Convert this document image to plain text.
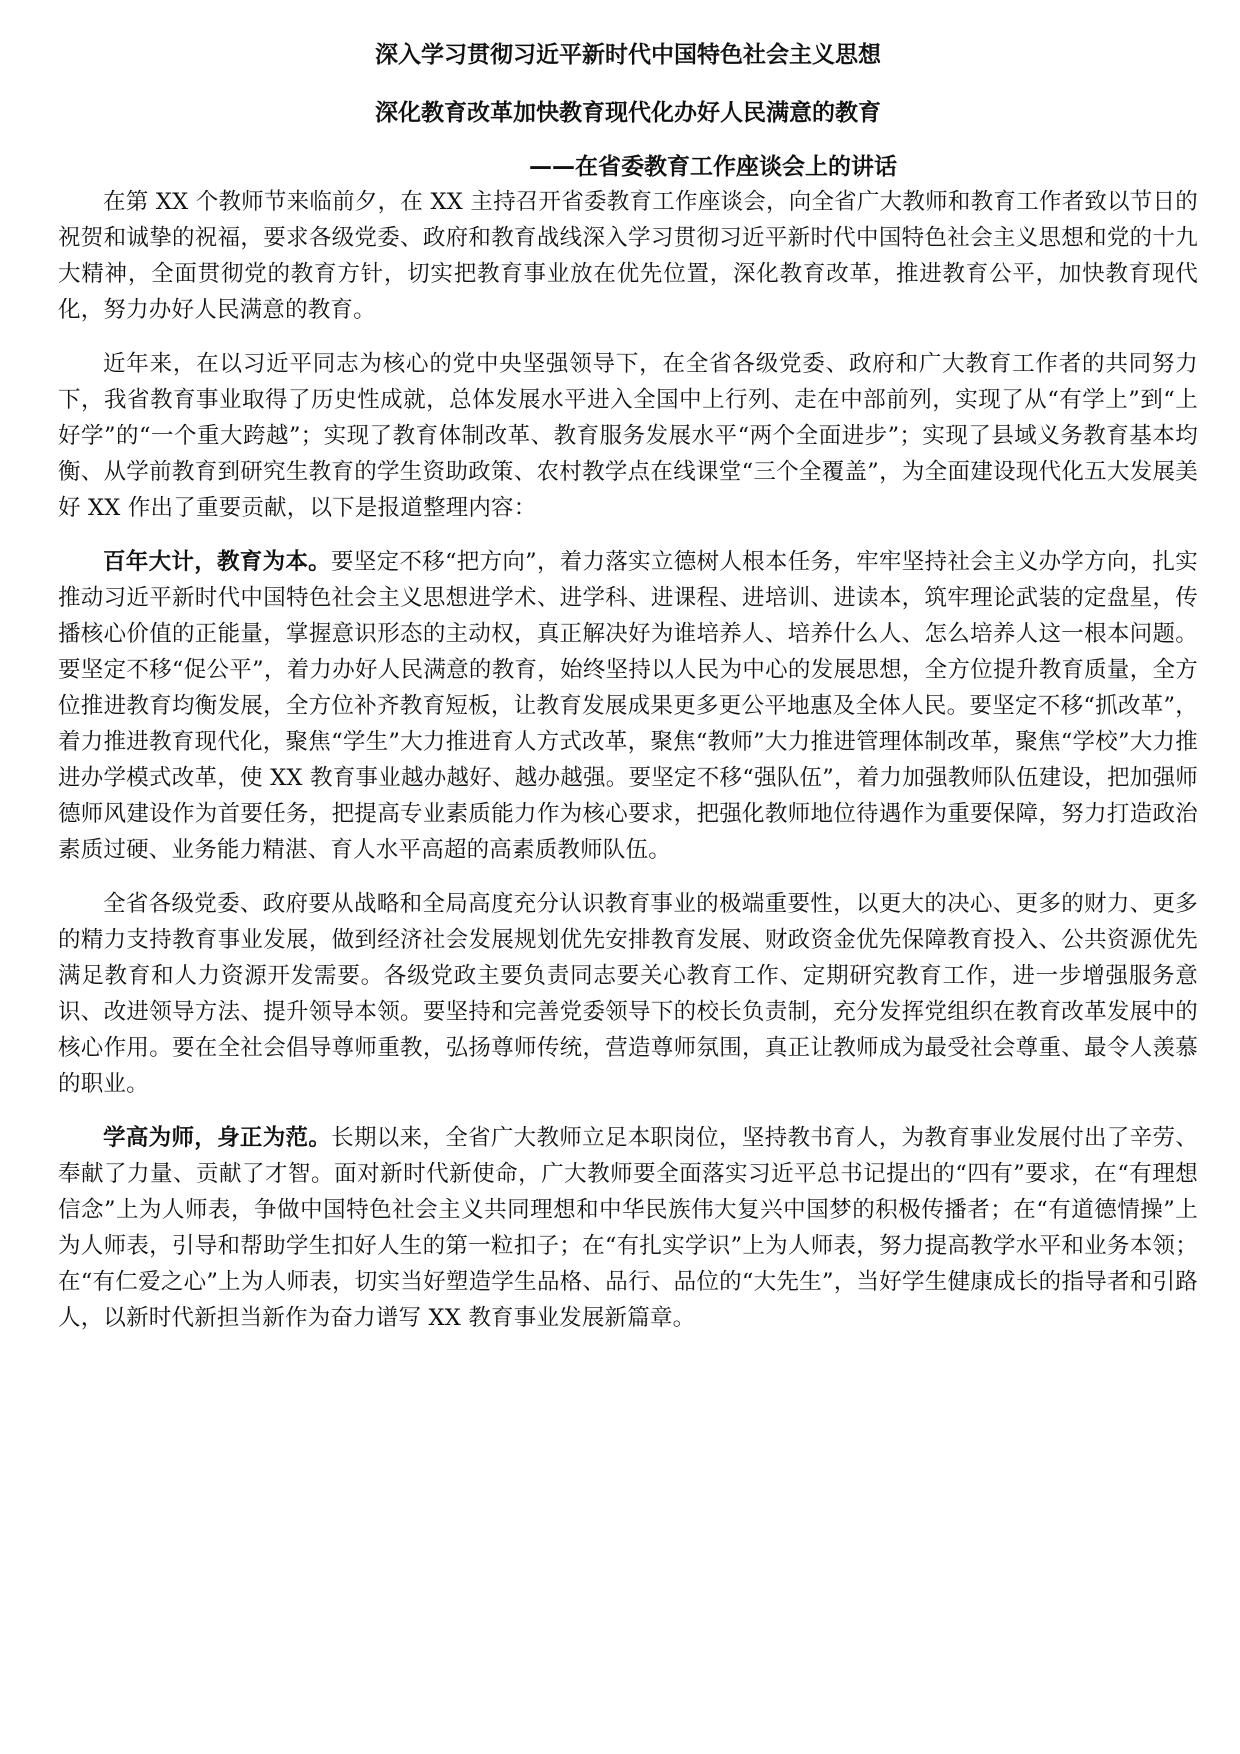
深入学习贯彻习近平新时代中国特色社会主义思想
深化教育改革加快教育现代化办好人民满意的教育
——在省委教育工作座谈会上的讲话

在第 XX 个教师节来临前夕，在 XX 主持召开省委教育工作座谈会，向全省广大教师和教育工作者致以节日的祝贺和诚挚的祝福，要求各级党委、政府和教育战线深入学习贯彻习近平新时代中国特色社会主义思想和党的十九大精神，全面贯彻党的教育方针，切实把教育事业放在优先位置，深化教育改革，推进教育公平，加快教育现代化，努力办好人民满意的教育。

近年来，在以习近平同志为核心的党中央坚强领导下，在全省各级党委、政府和广大教育工作者的共同努力下，我省教育事业取得了历史性成就，总体发展水平进入全国中上行列、走在中部前列，实现了从“有学上”到“上好学”的“一个重大跨越”；实现了教育体制改革、教育服务发展水平“两个全面进步”；实现了县域义务教育基本均衡、从学前教育到研究生教育的学生资助政策、农村教学点在线课堂“三个全覆盖”，为全面建设现代化五大发展美好 XX 作出了重要贡献，以下是报道整理内容：

百年大计，教育为本。要坚定不移“把方向”，着力落实立德树人根本任务，牢牢坚持社会主义办学方向，扎实推动习近平新时代中国特色社会主义思想进学术、进学科、进课程、进培训、进读本，筑牢理论武装的定盘星，传播核心价值的正能量，掌握意识形态的主动权，真正解决好为谁培养人、培养什么人、怎么培养人这一根本问题。要坚定不移“促公平”，着力办好人民满意的教育，始终坚持以人民为中心的发展思想，全方位提升教育质量，全方位推进教育均衡发展，全方位补齐教育短板，让教育发展成果更多更公平地惠及全体人民。要坚定不移“抓改革”，着力推进教育现代化，聚焦“学生”大力推进育人方式改革，聚焦“教师”大力推进管理体制改革，聚焦“学校”大力推进办学模式改革，使 XX 教育事业越办越好、越办越强。要坚定不移“强队伍”，着力加强教师队伍建设，把加强师德师风建设作为首要任务，把提高专业素质能力作为核心要求，把强化教师地位待遇作为重要保障，努力打造政治素质过硬、业务能力精湛、育人水平高超的高素质教师队伍。

全省各级党委、政府要从战略和全局高度充分认识教育事业的极端重要性，以更大的决心、更多的财力、更多的精力支持教育事业发展，做到经济社会发展规划优先安排教育发展、财政资金优先保障教育投入、公共资源优先满足教育和人力资源开发需要。各级党政主要负责同志要关心教育工作、定期研究教育工作，进一步增强服务意识、改进领导方法、提升领导本领。要坚持和完善党委领导下的校长负责制，充分发挥党组织在教育改革发展中的核心作用。要在全社会倡导尊师重教，弘扬尊师传统，营造尊师氛围，真正让教师成为最受社会尊重、最令人羡慕的职业。

学高为师，身正为范。长期以来，全省广大教师立足本职岗位，坚持教书育人，为教育事业发展付出了辛劳、奉献了力量、贡献了才智。面对新时代新使命，广大教师要全面落实习近平总书记提出的“四有”要求，在“有理想信念”上为人师表，争做中国特色社会主义共同理想和中华民族伟大复兴中国梦的积极传播者；在“有道德情操”上为人师表，引导和帮助学生扣好人生的第一粒扣子；在“有扎实学识”上为人师表，努力提高教学水平和业务本领；在“有仁爱之心”上为人师表，切实当好塑造学生品格、品行、品位的“大先生”，当好学生健康成长的指导者和引路人，以新时代新担当新作为奋力谱写 XX 教育事业发展新篇章。
